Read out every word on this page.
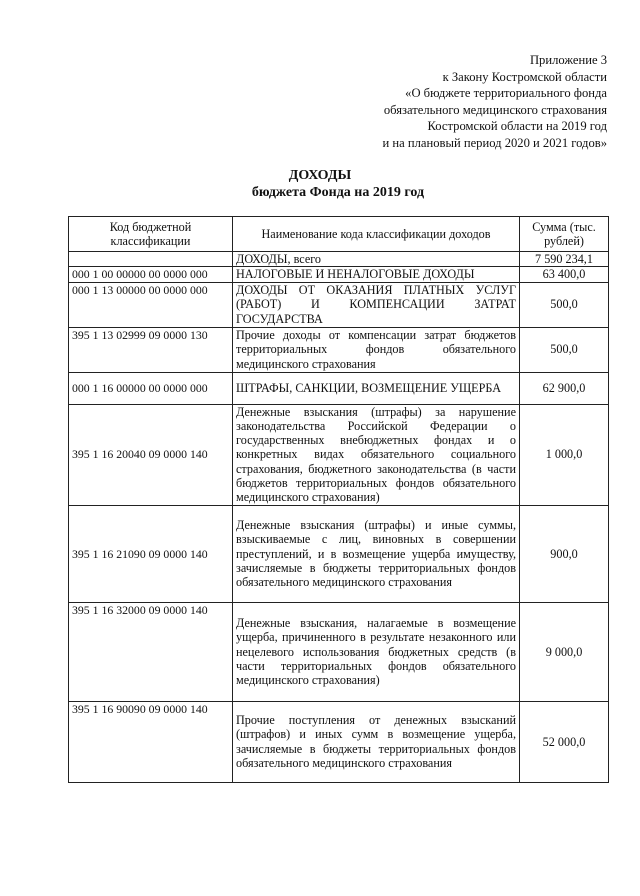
Приложение 3
к Закону Костромской области
«О бюджете территориального фонда
обязательного медицинского страхования
Костромской области на 2019 год
и на плановый период 2020 и 2021 годов»
ДОХОДЫ
бюджета Фонда на 2019 год
Код бюджетной классификации	Наименование кода классификации доходов	Сумма (тыс. рублей)
	ДОХОДЫ, всего	7 590 234,1
000 1 00 00000 00 0000 000	НАЛОГОВЫЕ И НЕНАЛОГОВЫЕ ДОХОДЫ	63 400,0
000 1 13 00000 00 0000 000	ДОХОДЫ ОТ ОКАЗАНИЯ ПЛАТНЫХ УСЛУГ (РАБОТ) И КОМПЕНСАЦИИ ЗАТРАТ ГОСУДАРСТВА	500,0
395 1 13 02999 09 0000 130	Прочие доходы от компенсации затрат бюджетов территориальных фондов обязательного медицинского страхования	500,0
000 1 16 00000 00 0000 000	ШТРАФЫ, САНКЦИИ, ВОЗМЕЩЕНИЕ УЩЕРБА	62 900,0
395 1 16 20040 09 0000 140	Денежные взыскания (штрафы) за нарушение законодательства Российской Федерации о государственных внебюджетных фондах и о конкретных видах обязательного социального страхования, бюджетного законодательства (в части бюджетов территориальных фондов обязательного медицинского страхования)	1 000,0
395 1 16 21090 09 0000 140	Денежные взыскания (штрафы) и иные суммы, взыскиваемые с лиц, виновных в совершении преступлений, и в возмещение ущерба имуществу, зачисляемые в бюджеты территориальных фондов обязательного медицинского страхования	900,0
395 1 16 32000 09 0000 140	Денежные взыскания, налагаемые в возмещение ущерба, причиненного в результате незаконного или нецелевого использования бюджетных средств (в части территориальных фондов обязательного медицинского страхования)	9 000,0
395 1 16 90090 09 0000 140	Прочие поступления от денежных взысканий (штрафов) и иных сумм в возмещение ущерба, зачисляемые в бюджеты территориальных фондов обязательного медицинского страхования	52 000,0
